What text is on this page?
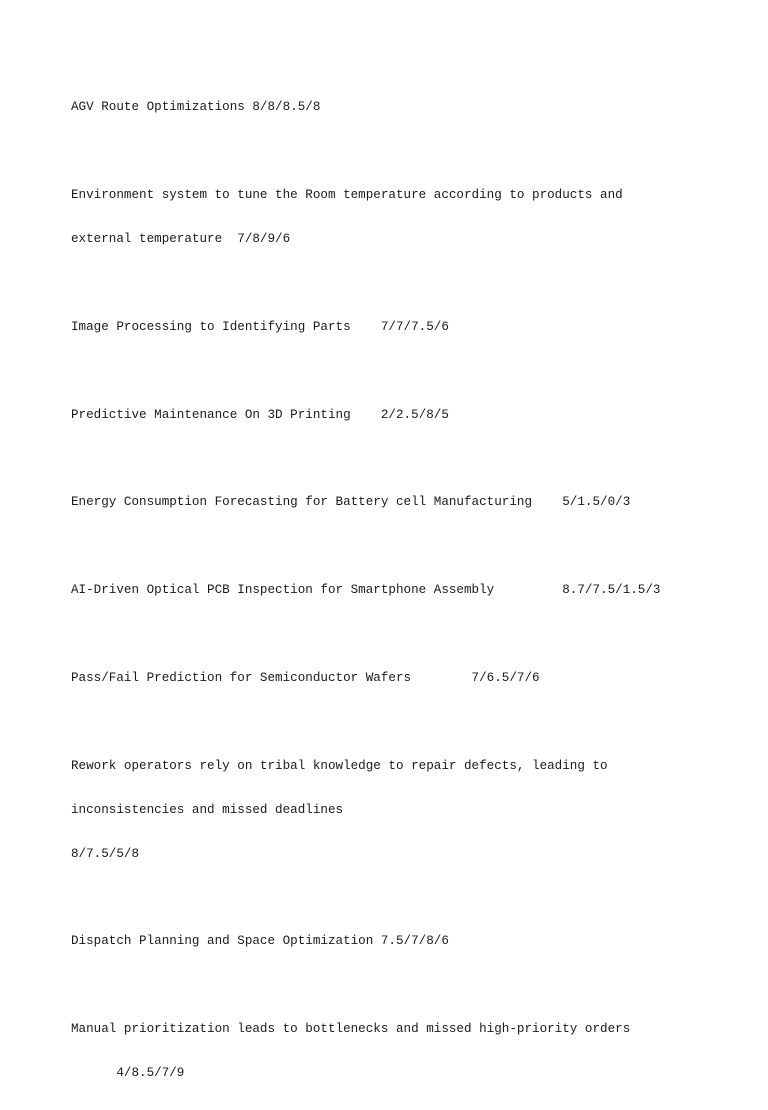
AGV Route Optimizations 8/8/8.5/8

Environment system to tune the Room temperature according to products and

external temperature  7/8/9/6

Image Processing to Identifying Parts    7/7/7.5/6

Predictive Maintenance On 3D Printing    2/2.5/8/5

Energy Consumption Forecasting for Battery cell Manufacturing    5/1.5/0/3

AI-Driven Optical PCB Inspection for Smartphone Assembly         8.7/7.5/1.5/3

Pass/Fail Prediction for Semiconductor Wafers        7/6.5/7/6

Rework operators rely on tribal knowledge to repair defects, leading to

inconsistencies and missed deadlines

8/7.5/5/8

Dispatch Planning and Space Optimization 7.5/7/8/6

Manual prioritization leads to bottlenecks and missed high-priority orders

4/8.5/7/9
